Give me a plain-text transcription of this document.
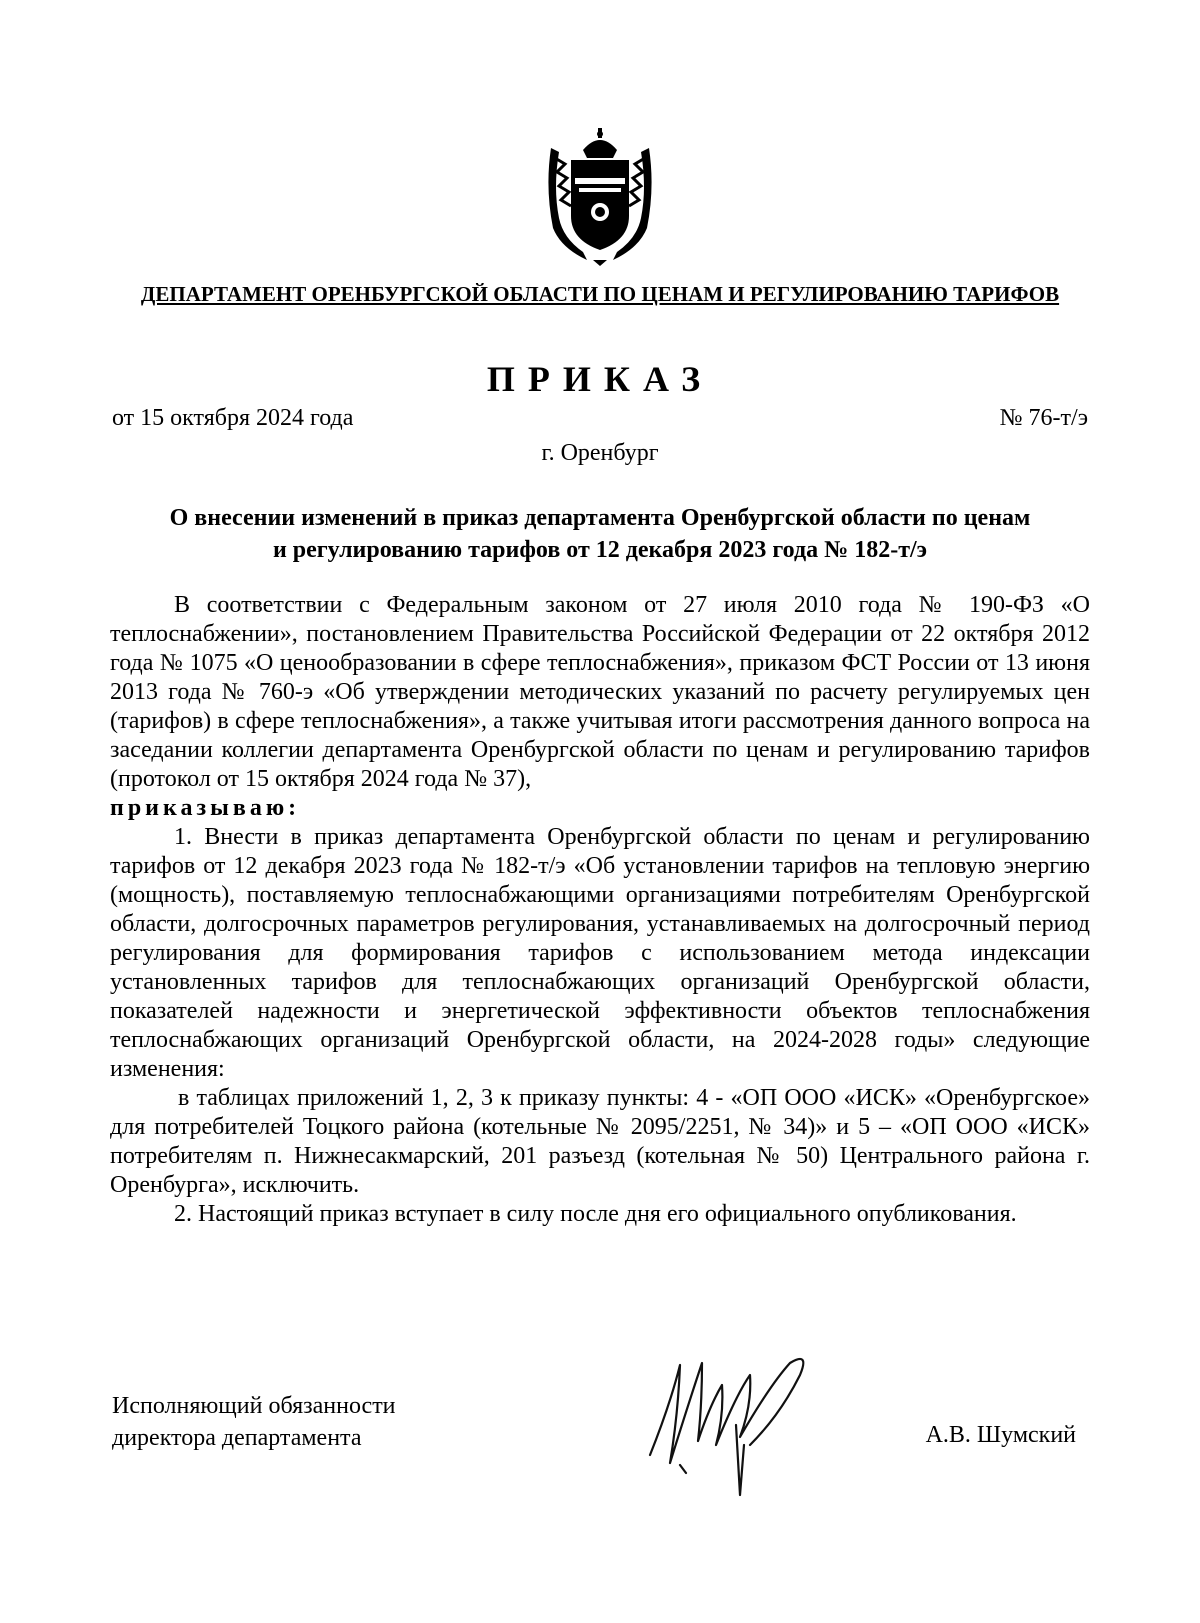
ДЕПАРТАМЕНТ ОРЕНБУРГСКОЙ ОБЛАСТИ ПО ЦЕНАМ И РЕГУЛИРОВАНИЮ ТАРИФОВ
ПРИКАЗ
от 15 октября 2024 года	№ 76-т/э
г. Оренбург
О внесении изменений в приказ департамента Оренбургской области по ценам
и регулированию тарифов от 12 декабря 2023 года № 182-т/э

В соответствии с Федеральным законом от 27 июля 2010 года № 190-ФЗ «О теплоснабжении», постановлением Правительства Российской Федерации от 22 октября 2012 года № 1075 «О ценообразовании в сфере теплоснабжения», приказом ФСТ России от 13 июня 2013 года № 760-э «Об утверждении методических указаний по расчету регулируемых цен (тарифов) в сфере теплоснабжения», а также учитывая итоги рассмотрения данного вопроса на заседании коллегии департамента Оренбургской области по ценам и регулированию тарифов (протокол от 15 октября 2024 года № 37),

приказываю:

1. Внести в приказ департамента Оренбургской области по ценам и регулированию тарифов от 12 декабря 2023 года № 182-т/э «Об установлении тарифов на тепловую энергию (мощность), поставляемую теплоснабжающими организациями потребителям Оренбургской области, долгосрочных параметров регулирования, устанавливаемых на долгосрочный период регулирования для формирования тарифов с использованием метода индексации установленных тарифов для теплоснабжающих организаций Оренбургской области, показателей надежности и энергетической эффективности объектов теплоснабжения теплоснабжающих организаций Оренбургской области, на 2024-2028 годы» следующие изменения:

в таблицах приложений 1, 2, 3 к приказу пункты: 4 - «ОП ООО «ИСК» «Оренбургское» для потребителей Тоцкого района (котельные № 2095/2251, № 34)» и 5 – «ОП ООО «ИСК» потребителям п. Нижнесакмарский, 201 разъезд (котельная № 50) Центрального района г. Оренбурга», исключить.

2. Настоящий приказ вступает в силу после дня его официального опубликования.

Исполняющий обязанности
директора департамента	А.В. Шумский
